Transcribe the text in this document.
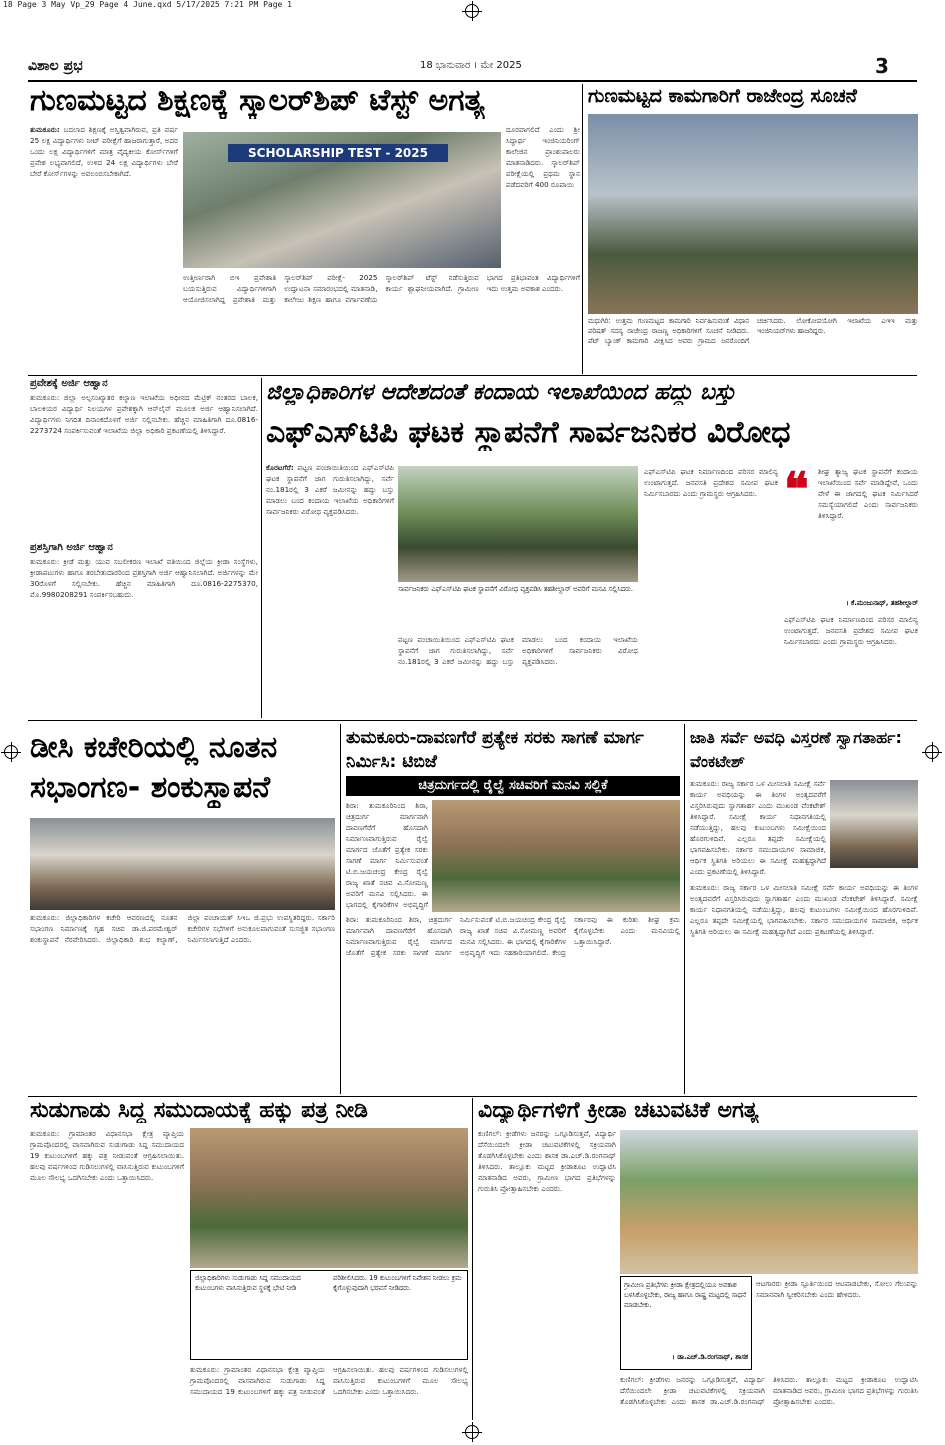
18 Page 3 May Vp_29 Page 4 June.qxd 5/17/2025 7:21 PM Page 1
ವಿಶಾಲ ಪ್ರಭ	18 ಭಾನುವಾರ । ಮೇ 2025	3
ಗುಣಮಟ್ಟದ ಶಿಕ್ಷಣಕ್ಕೆ ಸ್ಕಾಲರ್‌ಶಿಪ್ ಟೆಸ್ಟ್ ಅಗತ್ಯ
ತುಮಕೂರು: ಬದಲಾದ ಶಿಕ್ಷಣಕ್ಕೆ ಅಸ್ತಿತ್ವವಾಗಿರುವ, ಪ್ರತಿ ವರ್ಷ 25 ಲಕ್ಷ ವಿದ್ಯಾರ್ಥಿಗಳು ನೀಟ್ ಪರೀಕ್ಷೆಗೆ ಹಾಜರಾಗುತ್ತಾರೆ, ಅದರ ಒಂದು ಲಕ್ಷ ವಿದ್ಯಾರ್ಥಿಗಳಿಗೆ ಮಾತ್ರ ವೈದ್ಯಕೀಯ ಕೋರ್ಸ್‌ಗಳಿಗೆ ಪ್ರವೇಶ ಲಭ್ಯವಾಗಲಿದೆ, ಉಳಿದ 24 ಲಕ್ಷ ವಿದ್ಯಾರ್ಥಿಗಳು ಬೇರೆ ಬೇರೆ ಕೋರ್ಸ್‌ಗಳನ್ನು ಅವಲಂಬಿಸಬೇಕಾಗಿದೆ.
SCHOLARSHIP TEST - 2025
ದೂರವಾಗಲಿದೆ ಎಂದು ಶ್ರೀ ಸಿದ್ಧಾರ್ಥ ಇಂಜಿನಿಯರಿಂಗ್ ಕಾಲೇಜಿನ ಪ್ರಾಂಶುಪಾಲರು ಮಾತನಾಡಿದರು. ಸ್ಕಾಲರ್‌ಶಿಪ್ ಪರೀಕ್ಷೆಯಲ್ಲಿ ಪ್ರಥಮ ಸ್ಥಾನ ಪಡೆದವರಿಗೆ 400 ರೂಪಾಯಿ
ಉತ್ತೀರ್ಣರಾಗಿ ಬಿಇ ಪ್ರವೇಶಾತಿ ಬಯಸುತ್ತಿರುವ ವಿದ್ಯಾರ್ಥಿಗಳಿಗಾಗಿ ಆಯೋಜಿಸಲಾಗಿದ್ದ ಪ್ರವೇಶಾತಿ ಮತ್ತು ಸ್ಕಾಲರ್‌ಶಿಪ್ ಪರೀಕ್ಷೆ- 2025 ಉದ್ಘಾಟನಾ ಸಮಾರಂಭದಲ್ಲಿ ಮಾತನಾಡಿ, ಕಾಲೇಜು ಶಿಕ್ಷಣ ಹಾಗೂ ವರ್ಗಾವಣೆಯ ಸ್ಕಾಲರ್‌ಶಿಪ್ ಟೆಸ್ಟ್ ನಡೆಸುತ್ತಿರುವ ಕಾರ್ಯ ಶ್ಲಾಘನೀಯವಾಗಿದೆ. ಗ್ರಾಮೀಣ ಭಾಗದ ಪ್ರತಿಭಾವಂತ ವಿದ್ಯಾರ್ಥಿಗಳಿಗೆ ಇದು ಉತ್ತಮ ಅವಕಾಶ ಎಂದರು.
ಗುಣಮಟ್ಟದ ಕಾಮಗಾರಿಗೆ ರಾಜೇಂದ್ರ ಸೂಚನೆ
ಮಧುಗಿರಿ: ಉತ್ತಮ ಗುಣಮಟ್ಟದ ಕಾಮಗಾರಿ ನಿರ್ವಹಿಸುವಂತೆ ವಿಧಾನ ಪರಿಷತ್ ಸದಸ್ಯ ರಾಜೇಂದ್ರ ರಾಜಣ್ಣ ಅಧಿಕಾರಿಗಳಿಗೆ ಸೂಚನೆ ನೀಡಿದರು. ಪೆಟ್ ಬ್ಯಾಂಕ್ ಕಾಮಗಾರಿ ವೀಕ್ಷಿಸಿದ ಅವರು ಗ್ರಾಮದ ಜನರೊಂದಿಗೆ ಚರ್ಚಿಸಿದರು. ಲೋಕೋಪಯೋಗಿ ಇಲಾಖೆಯ ಎಇಇ ಮತ್ತು ಇಂಜಿನಿಯರ್‌ಗಳು ಹಾಜರಿದ್ದರು.
ಪ್ರವೇಶಕ್ಕೆ ಅರ್ಜಿ ಆಹ್ವಾನ
ತುಮಕೂರು: ಜಿಲ್ಲಾ ಅಲ್ಪಸಂಖ್ಯಾತರ ಕಲ್ಯಾಣ ಇಲಾಖೆಯ ಅಧೀನದ ಮೆಟ್ರಿಕ್ ನಂತರದ ಬಾಲಕ, ಬಾಲಕಿಯರ ವಿದ್ಯಾರ್ಥಿ ನಿಲಯಗಳ ಪ್ರವೇಶಕ್ಕಾಗಿ ಆನ್‌ಲೈನ್ ಮೂಲಕ ಅರ್ಜಿ ಆಹ್ವಾನಿಸಲಾಗಿದೆ. ವಿದ್ಯಾರ್ಥಿಗಳು ನಿಗದಿತ ದಿನಾಂಕದೊಳಗೆ ಅರ್ಜಿ ಸಲ್ಲಿಸಬೇಕು. ಹೆಚ್ಚಿನ ಮಾಹಿತಿಗಾಗಿ ದೂ.0816-2273724 ಸಂಪರ್ಕಿಸುವಂತೆ ಇಲಾಖೆಯ ಜಿಲ್ಲಾ ಅಧಿಕಾರಿ ಪ್ರಕಟಣೆಯಲ್ಲಿ ತಿಳಿಸಿದ್ದಾರೆ.
ಪ್ರಶಸ್ತಿಗಾಗಿ ಅರ್ಜಿ ಆಹ್ವಾನ
ತುಮಕೂರು: ಕ್ರೀಡೆ ಮತ್ತು ಯುವ ಸಬಲೀಕರಣ ಇಲಾಖೆ ವತಿಯಿಂದ ಜಿಲ್ಲೆಯ ಕ್ರೀಡಾ ಸಂಸ್ಥೆಗಳು, ಕ್ರೀಡಾಪಟುಗಳು ಹಾಗೂ ತರಬೇತುದಾರರಿಂದ ಪ್ರಶಸ್ತಿಗಾಗಿ ಅರ್ಜಿ ಆಹ್ವಾನಿಸಲಾಗಿದೆ. ಅರ್ಜಿಗಳನ್ನು ಮೇ 30ರೊಳಗೆ ಸಲ್ಲಿಸಬೇಕು. ಹೆಚ್ಚಿನ ಮಾಹಿತಿಗಾಗಿ ದೂ.0816-2275370, ಮೊ.9980208291 ಸಂಪರ್ಕಿಸಬಹುದು.
ಜಿಲ್ಲಾಧಿಕಾರಿಗಳ ಆದೇಶದಂತೆ ಕಂದಾಯ ಇಲಾಖೆಯಿಂದ ಹದ್ದು ಬಸ್ತು
ಎಫ್‌ಎಸ್‌ಟಿಪಿ ಘಟಕ ಸ್ಥಾಪನೆಗೆ ಸಾರ್ವಜನಿಕರ ವಿರೋಧ
ಕೊರಟಗೆರೆ: ಪಟ್ಟಣ ಪಂಚಾಯಿತಿಯಿಂದ ಎಫ್‌ಎಸ್‌ಟಿಪಿ ಘಟಕ ಸ್ಥಾಪನೆಗೆ ಜಾಗ ಗುರುತಿಸಲಾಗಿದ್ದು, ಸರ್ವೆ ನಂ.181ರಲ್ಲಿ 3 ಎಕರೆ ಜಮೀನನ್ನು ಹದ್ದು ಬಸ್ತು ಮಾಡಲು ಬಂದ ಕಂದಾಯ ಇಲಾಖೆಯ ಅಧಿಕಾರಿಗಳಿಗೆ ಸಾರ್ವಜನಿಕರು ವಿರೋಧ ವ್ಯಕ್ತಪಡಿಸಿದರು.
ಸಾರ್ವಜನಿಕರು ಎಫ್‌ಎಸ್‌ಟಿಪಿ ಘಟಕ ಸ್ಥಾಪನೆಗೆ ವಿರೋಧ ವ್ಯಕ್ತಪಡಿಸಿ ತಹಶೀಲ್ದಾರ್ ಅವರಿಗೆ ಮನವಿ ಸಲ್ಲಿಸಿದರು.
ಪಟ್ಟಣ ಪಂಚಾಯಿತಿಯಿಂದ ಎಫ್‌ಎಸ್‌ಟಿಪಿ ಘಟಕ ಸ್ಥಾಪನೆಗೆ ಜಾಗ ಗುರುತಿಸಲಾಗಿದ್ದು, ಸರ್ವೆ ನಂ.181ರಲ್ಲಿ 3 ಎಕರೆ ಜಮೀನನ್ನು ಹದ್ದು ಬಸ್ತು ಮಾಡಲು ಬಂದ ಕಂದಾಯ ಇಲಾಖೆಯ ಅಧಿಕಾರಿಗಳಿಗೆ ಸಾರ್ವಜನಿಕರು ವಿರೋಧ ವ್ಯಕ್ತಪಡಿಸಿದರು.
ಎಫ್‌ಎಸ್‌ಟಿಪಿ ಘಟಕ ನಿರ್ಮಾಣದಿಂದ ಪರಿಸರ ಮಾಲಿನ್ಯ ಉಂಟಾಗುತ್ತದೆ. ಜನವಸತಿ ಪ್ರದೇಶದ ಸಮೀಪ ಘಟಕ ನಿರ್ಮಿಸಬಾರದು ಎಂದು ಗ್ರಾಮಸ್ಥರು ಆಗ್ರಹಿಸಿದರು. ❝ ಶೀಘ್ರ ತ್ಯಾಜ್ಯ ಘಟಕ ಸ್ಥಾಪನೆಗೆ ಕಂದಾಯ ಇಲಾಖೆಯಿಂದ ಸರ್ವೆ ಮಾಡಿದ್ದೇವೆ, ಒಂದು ವೇಳೆ ಈ ಜಾಗದಲ್ಲಿ ಘಟಕ ನಿರ್ಮಿಸಿದರೆ ಸಮಸ್ಯೆಯಾಗಲಿದೆ ಎಂದು ಸಾರ್ವಜನಿಕರು ತಿಳಿಸಿದ್ದಾರೆ.
। ಕೆ.ಮಂಜುನಾಥ್, ತಹಶೀಲ್ದಾರ್
ಎಫ್‌ಎಸ್‌ಟಿಪಿ ಘಟಕ ನಿರ್ಮಾಣದಿಂದ ಪರಿಸರ ಮಾಲಿನ್ಯ ಉಂಟಾಗುತ್ತದೆ. ಜನವಸತಿ ಪ್ರದೇಶದ ಸಮೀಪ ಘಟಕ ನಿರ್ಮಿಸಬಾರದು ಎಂದು ಗ್ರಾಮಸ್ಥರು ಆಗ್ರಹಿಸಿದರು.
ಡೀಸಿ ಕಚೇರಿಯಲ್ಲಿ ನೂತನ ಸಭಾಂಗಣ- ಶಂಕುಸ್ಥಾಪನೆ
ತುಮಕೂರು: ಜಿಲ್ಲಾಧಿಕಾರಿಗಳ ಕಚೇರಿ ಆವರಣದಲ್ಲಿ ನೂತನ ಸಭಾಂಗಣ ನಿರ್ಮಾಣಕ್ಕೆ ಗೃಹ ಸಚಿವ ಡಾ.ಜಿ.ಪರಮೇಶ್ವರ್ ಶಂಕುಸ್ಥಾಪನೆ ನೆರವೇರಿಸಿದರು. ಜಿಲ್ಲಾಧಿಕಾರಿ ಶುಭ ಕಲ್ಯಾಣ್, ಜಿಲ್ಲಾ ಪಂಚಾಯತ್ ಸಿಇಒ ಜಿ.ಪ್ರಭು ಉಪಸ್ಥಿತರಿದ್ದರು. ಸರ್ಕಾರಿ ಕಚೇರಿಗಳ ಸಭೆಗಳಿಗೆ ಅನುಕೂಲವಾಗುವಂತೆ ಸುಸಜ್ಜಿತ ಸಭಾಂಗಣ ನಿರ್ಮಿಸಲಾಗುತ್ತಿದೆ ಎಂದರು.
ತುಮಕೂರು-ದಾವಣಗೆರೆ ಪ್ರತ್ಯೇಕ ಸರಕು ಸಾಗಣೆ ಮಾರ್ಗ ನಿರ್ಮಿಸಿ: ಟಿಬಿಜೆ
ಚಿತ್ರದುರ್ಗದಲ್ಲಿ ರೈಲ್ವೆ ಸಚಿವರಿಗೆ ಮನವಿ ಸಲ್ಲಿಕೆ
ಶಿರಾ: ತುಮಕೂರಿನಿಂದ ಶಿರಾ, ಚಿತ್ರದುರ್ಗ ಮಾರ್ಗವಾಗಿ ದಾವಣಗೆರೆಗೆ ಹೊಸದಾಗಿ ನಿರ್ಮಾಣವಾಗುತ್ತಿರುವ ರೈಲ್ವೆ ಮಾರ್ಗದ ಜೊತೆಗೆ ಪ್ರತ್ಯೇಕ ಸರಕು ಸಾಗಣೆ ಮಾರ್ಗ ನಿರ್ಮಿಸುವಂತೆ ಟಿ.ಬಿ.ಜಯಚಂದ್ರ ಕೇಂದ್ರ ರೈಲ್ವೆ ರಾಜ್ಯ ಖಾತೆ ಸಚಿವ ವಿ.ಸೋಮಣ್ಣ ಅವರಿಗೆ ಮನವಿ ಸಲ್ಲಿಸಿದರು. ಈ ಭಾಗದಲ್ಲಿ ಕೈಗಾರಿಕೆಗಳ ಅಭಿವೃದ್ಧಿಗೆ
ಶಿರಾ: ತುಮಕೂರಿನಿಂದ ಶಿರಾ, ಚಿತ್ರದುರ್ಗ ಮಾರ್ಗವಾಗಿ ದಾವಣಗೆರೆಗೆ ಹೊಸದಾಗಿ ನಿರ್ಮಾಣವಾಗುತ್ತಿರುವ ರೈಲ್ವೆ ಮಾರ್ಗದ ಜೊತೆಗೆ ಪ್ರತ್ಯೇಕ ಸರಕು ಸಾಗಣೆ ಮಾರ್ಗ ನಿರ್ಮಿಸುವಂತೆ ಟಿ.ಬಿ.ಜಯಚಂದ್ರ ಕೇಂದ್ರ ರೈಲ್ವೆ ರಾಜ್ಯ ಖಾತೆ ಸಚಿವ ವಿ.ಸೋಮಣ್ಣ ಅವರಿಗೆ ಮನವಿ ಸಲ್ಲಿಸಿದರು. ಈ ಭಾಗದಲ್ಲಿ ಕೈಗಾರಿಕೆಗಳ ಅಭಿವೃದ್ಧಿಗೆ ಇದು ಸಹಕಾರಿಯಾಗಲಿದೆ. ಕೇಂದ್ರ ಸರ್ಕಾರವು ಈ ಕುರಿತು ಶೀಘ್ರ ಕ್ರಮ ಕೈಗೊಳ್ಳಬೇಕು ಎಂದು ಮನವಿಯಲ್ಲಿ ಒತ್ತಾಯಿಸಿದ್ದಾರೆ.
ಜಾತಿ ಸರ್ವೆ ಅವಧಿ ವಿಸ್ತರಣೆ ಸ್ವಾಗತಾರ್ಹ: ವೆಂಕಟೇಶ್
ತುಮಕೂರು: ರಾಜ್ಯ ಸರ್ಕಾರ ಒಳ ಮೀಸಲಾತಿ ಸಮೀಕ್ಷೆ ಸರ್ವೆ ಕಾರ್ಯ ಅವಧಿಯನ್ನು ಈ ತಿಂಗಳ ಅಂತ್ಯದವರೆಗೆ ವಿಸ್ತರಿಸಿರುವುದು ಸ್ವಾಗತಾರ್ಹ ಎಂದು ಮುಖಂಡ ವೆಂಕಟೇಶ್ ತಿಳಿಸಿದ್ದಾರೆ. ಸಮೀಕ್ಷೆ ಕಾರ್ಯ ನಿಧಾನಗತಿಯಲ್ಲಿ ನಡೆಯುತ್ತಿದ್ದು, ಹಲವು ಕುಟುಂಬಗಳು ಸಮೀಕ್ಷೆಯಿಂದ ಹೊರಗುಳಿದಿವೆ. ಎಲ್ಲರೂ ತಪ್ಪದೇ ಸಮೀಕ್ಷೆಯಲ್ಲಿ ಭಾಗವಹಿಸಬೇಕು. ಸರ್ಕಾರ ಸಮುದಾಯಗಳ ಸಾಮಾಜಿಕ, ಆರ್ಥಿಕ ಸ್ಥಿತಿಗತಿ ಅರಿಯಲು ಈ ಸಮೀಕ್ಷೆ ಮಹತ್ವದ್ದಾಗಿದೆ ಎಂದು ಪ್ರಕಟಣೆಯಲ್ಲಿ ತಿಳಿಸಿದ್ದಾರೆ.
ತುಮಕೂರು: ರಾಜ್ಯ ಸರ್ಕಾರ ಒಳ ಮೀಸಲಾತಿ ಸಮೀಕ್ಷೆ ಸರ್ವೆ ಕಾರ್ಯ ಅವಧಿಯನ್ನು ಈ ತಿಂಗಳ ಅಂತ್ಯದವರೆಗೆ ವಿಸ್ತರಿಸಿರುವುದು ಸ್ವಾಗತಾರ್ಹ ಎಂದು ಮುಖಂಡ ವೆಂಕಟೇಶ್ ತಿಳಿಸಿದ್ದಾರೆ. ಸಮೀಕ್ಷೆ ಕಾರ್ಯ ನಿಧಾನಗತಿಯಲ್ಲಿ ನಡೆಯುತ್ತಿದ್ದು, ಹಲವು ಕುಟುಂಬಗಳು ಸಮೀಕ್ಷೆಯಿಂದ ಹೊರಗುಳಿದಿವೆ. ಎಲ್ಲರೂ ತಪ್ಪದೇ ಸಮೀಕ್ಷೆಯಲ್ಲಿ ಭಾಗವಹಿಸಬೇಕು. ಸರ್ಕಾರ ಸಮುದಾಯಗಳ ಸಾಮಾಜಿಕ, ಆರ್ಥಿಕ ಸ್ಥಿತಿಗತಿ ಅರಿಯಲು ಈ ಸಮೀಕ್ಷೆ ಮಹತ್ವದ್ದಾಗಿದೆ ಎಂದು ಪ್ರಕಟಣೆಯಲ್ಲಿ ತಿಳಿಸಿದ್ದಾರೆ.
ಸುಡುಗಾಡು ಸಿದ್ದ ಸಮುದಾಯಕ್ಕೆ ಹಕ್ಕು ಪತ್ರ ನೀಡಿ
ತುಮಕೂರು: ಗ್ರಾಮಾಂತರ ವಿಧಾನಸಭಾ ಕ್ಷೇತ್ರ ವ್ಯಾಪ್ತಿಯ ಗ್ರಾಮವೊಂದರಲ್ಲಿ ವಾಸವಾಗಿರುವ ಸುಡುಗಾಡು ಸಿದ್ದ ಸಮುದಾಯದ 19 ಕುಟುಂಬಗಳಿಗೆ ಹಕ್ಕು ಪತ್ರ ನೀಡುವಂತೆ ಆಗ್ರಹಿಸಲಾಯಿತು. ಹಲವು ವರ್ಷಗಳಿಂದ ಗುಡಿಸಲುಗಳಲ್ಲಿ ವಾಸಿಸುತ್ತಿರುವ ಕುಟುಂಬಗಳಿಗೆ ಮೂಲ ಸೌಲಭ್ಯ ಒದಗಿಸಬೇಕು ಎಂದು ಒತ್ತಾಯಿಸಿದರು.
ಜಿಲ್ಲಾಧಿಕಾರಿಗಳು ಸುಡುಗಾಡು ಸಿದ್ದ ಸಮುದಾಯದ ಕುಟುಂಬಗಳು ವಾಸಿಸುತ್ತಿರುವ ಸ್ಥಳಕ್ಕೆ ಭೇಟಿ ನೀಡಿ ಪರಿಶೀಲಿಸಿದರು. 19 ಕುಟುಂಬಗಳಿಗೆ ನಿವೇಶನ ನೀಡಲು ಕ್ರಮ ಕೈಗೊಳ್ಳುವುದಾಗಿ ಭರವಸೆ ನೀಡಿದರು.
ತುಮಕೂರು: ಗ್ರಾಮಾಂತರ ವಿಧಾನಸಭಾ ಕ್ಷೇತ್ರ ವ್ಯಾಪ್ತಿಯ ಗ್ರಾಮವೊಂದರಲ್ಲಿ ವಾಸವಾಗಿರುವ ಸುಡುಗಾಡು ಸಿದ್ದ ಸಮುದಾಯದ 19 ಕುಟುಂಬಗಳಿಗೆ ಹಕ್ಕು ಪತ್ರ ನೀಡುವಂತೆ ಆಗ್ರಹಿಸಲಾಯಿತು. ಹಲವು ವರ್ಷಗಳಿಂದ ಗುಡಿಸಲುಗಳಲ್ಲಿ ವಾಸಿಸುತ್ತಿರುವ ಕುಟುಂಬಗಳಿಗೆ ಮೂಲ ಸೌಲಭ್ಯ ಒದಗಿಸಬೇಕು ಎಂದು ಒತ್ತಾಯಿಸಿದರು.
ವಿದ್ಯಾರ್ಥಿಗಳಿಗೆ ಕ್ರೀಡಾ ಚಟುವಟಿಕೆ ಅಗತ್ಯ
ಕುಣಿಗಲ್: ಕ್ರೀಡೆಗಳು ಜನರನ್ನು ಒಗ್ಗೂಡಿಸುತ್ತವೆ, ವಿದ್ಯಾರ್ಥಿ ದೆಸೆಯಿಂದಲೇ ಕ್ರೀಡಾ ಚಟುವಟಿಕೆಗಳಲ್ಲಿ ಸಕ್ರಿಯವಾಗಿ ತೊಡಗಿಸಿಕೊಳ್ಳಬೇಕು ಎಂದು ಶಾಸಕ ಡಾ.ಎಚ್.ಡಿ.ರಂಗನಾಥ್ ತಿಳಿಸಿದರು. ತಾಲ್ಲೂಕು ಮಟ್ಟದ ಕ್ರೀಡಾಕೂಟ ಉದ್ಘಾಟಿಸಿ ಮಾತನಾಡಿದ ಅವರು, ಗ್ರಾಮೀಣ ಭಾಗದ ಪ್ರತಿಭೆಗಳನ್ನು ಗುರುತಿಸಿ ಪ್ರೋತ್ಸಾಹಿಸಬೇಕು ಎಂದರು.
ಗ್ರಾಮೀಣ ಪ್ರತಿಭೆಗಳು ಕ್ರೀಡಾ ಕ್ಷೇತ್ರದಲ್ಲಿಯೂ ಅವಕಾಶ ಬಳಸಿಕೊಳ್ಳಬೇಕು, ರಾಜ್ಯ ಹಾಗೂ ರಾಷ್ಟ್ರ ಮಟ್ಟದಲ್ಲಿ ಸಾಧನೆ ಮಾಡಬೇಕು.
। ಡಾ.ಎಚ್.ಡಿ.ರಂಗನಾಥ್, ಶಾಸಕ
ಆಟಗಾರರು ಕ್ರೀಡಾ ಸ್ಪೂರ್ತಿಯಿಂದ ಆಟವಾಡಬೇಕು, ಸೋಲು ಗೆಲುವನ್ನು ಸಮಾನವಾಗಿ ಸ್ವೀಕರಿಸಬೇಕು ಎಂದು ಹೇಳಿದರು.
ಕುಣಿಗಲ್: ಕ್ರೀಡೆಗಳು ಜನರನ್ನು ಒಗ್ಗೂಡಿಸುತ್ತವೆ, ವಿದ್ಯಾರ್ಥಿ ದೆಸೆಯಿಂದಲೇ ಕ್ರೀಡಾ ಚಟುವಟಿಕೆಗಳಲ್ಲಿ ಸಕ್ರಿಯವಾಗಿ ತೊಡಗಿಸಿಕೊಳ್ಳಬೇಕು ಎಂದು ಶಾಸಕ ಡಾ.ಎಚ್.ಡಿ.ರಂಗನಾಥ್ ತಿಳಿಸಿದರು. ತಾಲ್ಲೂಕು ಮಟ್ಟದ ಕ್ರೀಡಾಕೂಟ ಉದ್ಘಾಟಿಸಿ ಮಾತನಾಡಿದ ಅವರು, ಗ್ರಾಮೀಣ ಭಾಗದ ಪ್ರತಿಭೆಗಳನ್ನು ಗುರುತಿಸಿ ಪ್ರೋತ್ಸಾಹಿಸಬೇಕು ಎಂದರು.
